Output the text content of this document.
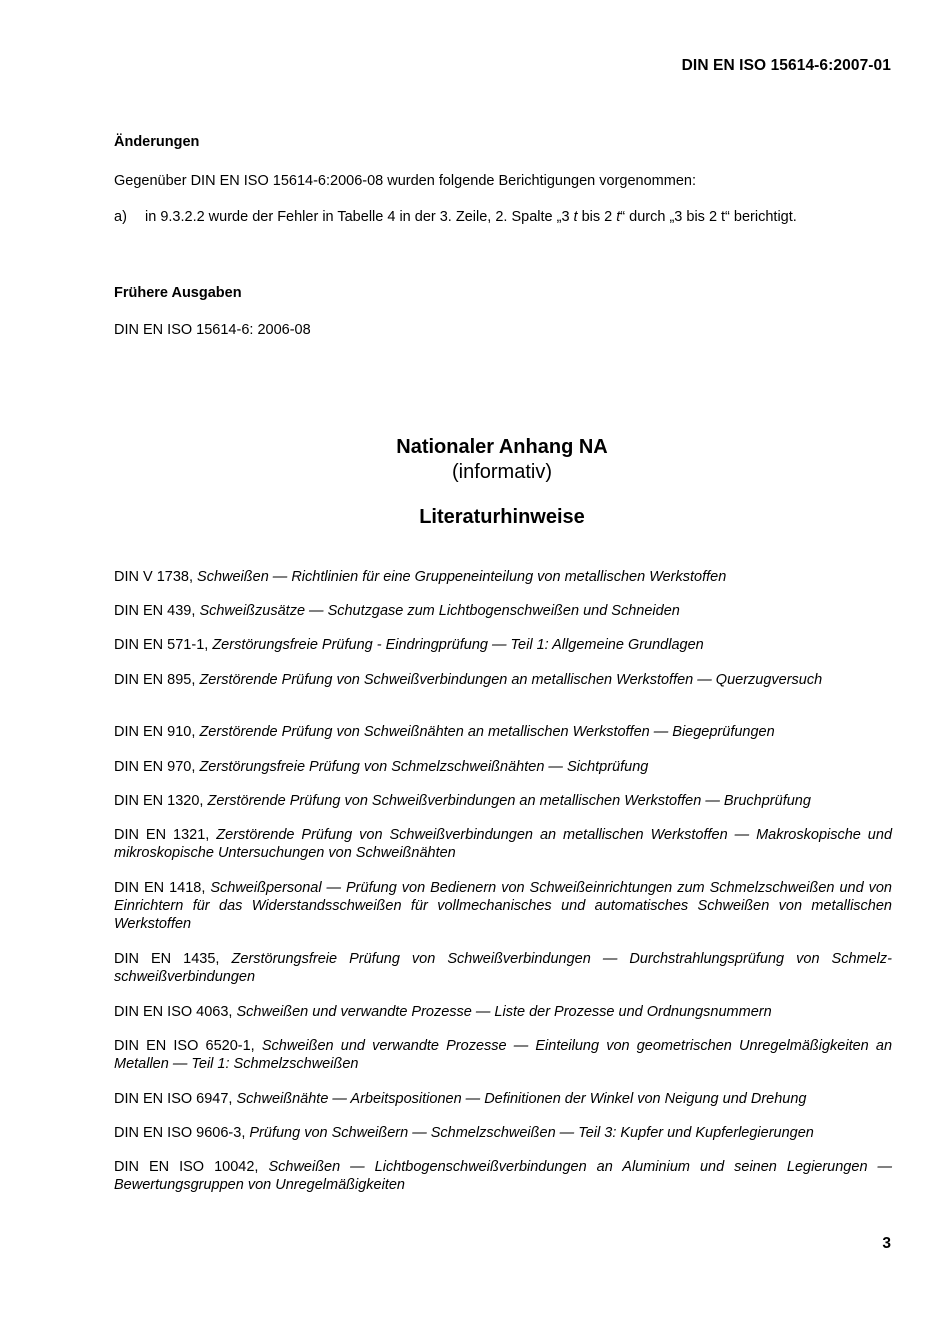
DIN EN ISO 15614-6:2007-01
Änderungen
Gegenüber DIN EN ISO 15614-6:2006-08 wurden folgende Berichtigungen vorgenommen:
a) in 9.3.2.2 wurde der Fehler in Tabelle 4 in der 3. Zeile, 2. Spalte „3 t bis 2 t“ durch „3 bis 2 t“ berichtigt.
Frühere Ausgaben
DIN EN ISO 15614-6: 2006-08
Nationaler Anhang NA
(informativ)
Literaturhinweise
DIN V 1738, Schweißen — Richtlinien für eine Gruppeneinteilung von metallischen Werkstoffen
DIN EN 439, Schweißzusätze — Schutzgase zum Lichtbogenschweißen und Schneiden
DIN EN 571-1, Zerstörungsfreie Prüfung - Eindringprüfung — Teil 1: Allgemeine Grundlagen
DIN EN 895, Zerstörende Prüfung von Schweißverbindungen an metallischen Werkstoffen — Querzugversuch
DIN EN 910, Zerstörende Prüfung von Schweißnähten an metallischen Werkstoffen — Biegeprüfungen
DIN EN 970, Zerstörungsfreie Prüfung von Schmelzschweißnähten — Sichtprüfung
DIN EN 1320, Zerstörende Prüfung von Schweißverbindungen an metallischen Werkstoffen — Bruchprüfung
DIN EN 1321, Zerstörende Prüfung von Schweißverbindungen an metallischen Werkstoffen — Makroskopische und mikroskopische Untersuchungen von Schweißnähten
DIN EN 1418, Schweißpersonal — Prüfung von Bedienern von Schweißeinrichtungen zum Schmelzschweißen und von Einrichtern für das Widerstandsschweißen für vollmechanisches und automatisches Schweißen von metallischen Werkstoffen
DIN EN 1435, Zerstörungsfreie Prüfung von Schweißverbindungen — Durchstrahlungsprüfung von Schmelzschweißverbindungen
DIN EN ISO 4063, Schweißen und verwandte Prozesse — Liste der Prozesse und Ordnungsnummern
DIN EN ISO 6520-1, Schweißen und verwandte Prozesse — Einteilung von geometrischen Unregelmäßigkeiten an Metallen — Teil 1: Schmelzschweißen
DIN EN ISO 6947, Schweißnähte — Arbeitspositionen — Definitionen der Winkel von Neigung und Drehung
DIN EN ISO 9606-3, Prüfung von Schweißern — Schmelzschweißen — Teil 3: Kupfer und Kupferlegierungen
DIN EN ISO 10042, Schweißen — Lichtbogenschweißverbindungen an Aluminium und seinen Legierungen — Bewertungsgruppen von Unregelmäßigkeiten
3
